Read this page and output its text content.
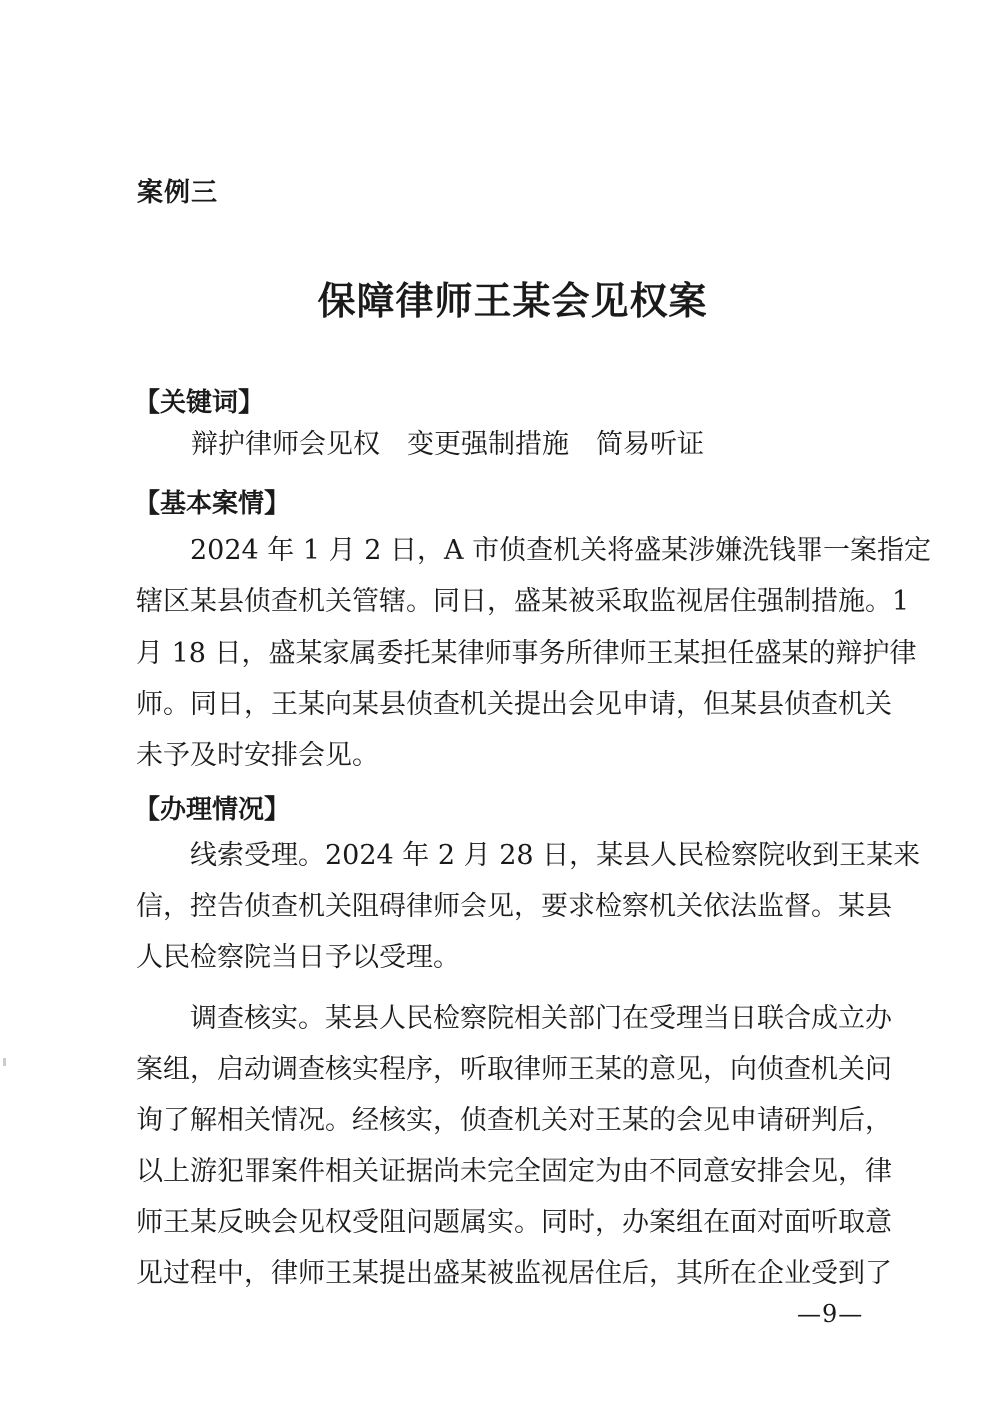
案例三
保障律师王某会见权案
【关键词】
辩护律师会见权　变更强制措施　简易听证
【基本案情】
2024 年 1 月 2 日，A 市侦查机关将盛某涉嫌洗钱罪一案指定
辖区某县侦查机关管辖。同日，盛某被采取监视居住强制措施。1
月 18 日，盛某家属委托某律师事务所律师王某担任盛某的辩护律
师。同日，王某向某县侦查机关提出会见申请，但某县侦查机关
未予及时安排会见。
【办理情况】
线索受理。2024 年 2 月 28 日，某县人民检察院收到王某来
信，控告侦查机关阻碍律师会见，要求检察机关依法监督。某县
人民检察院当日予以受理。
调查核实。某县人民检察院相关部门在受理当日联合成立办
案组，启动调查核实程序，听取律师王某的意见，向侦查机关问
询了解相关情况。经核实，侦查机关对王某的会见申请研判后，
以上游犯罪案件相关证据尚未完全固定为由不同意安排会见，律
师王某反映会见权受阻问题属实。同时，办案组在面对面听取意
见过程中，律师王某提出盛某被监视居住后，其所在企业受到了
—9—
